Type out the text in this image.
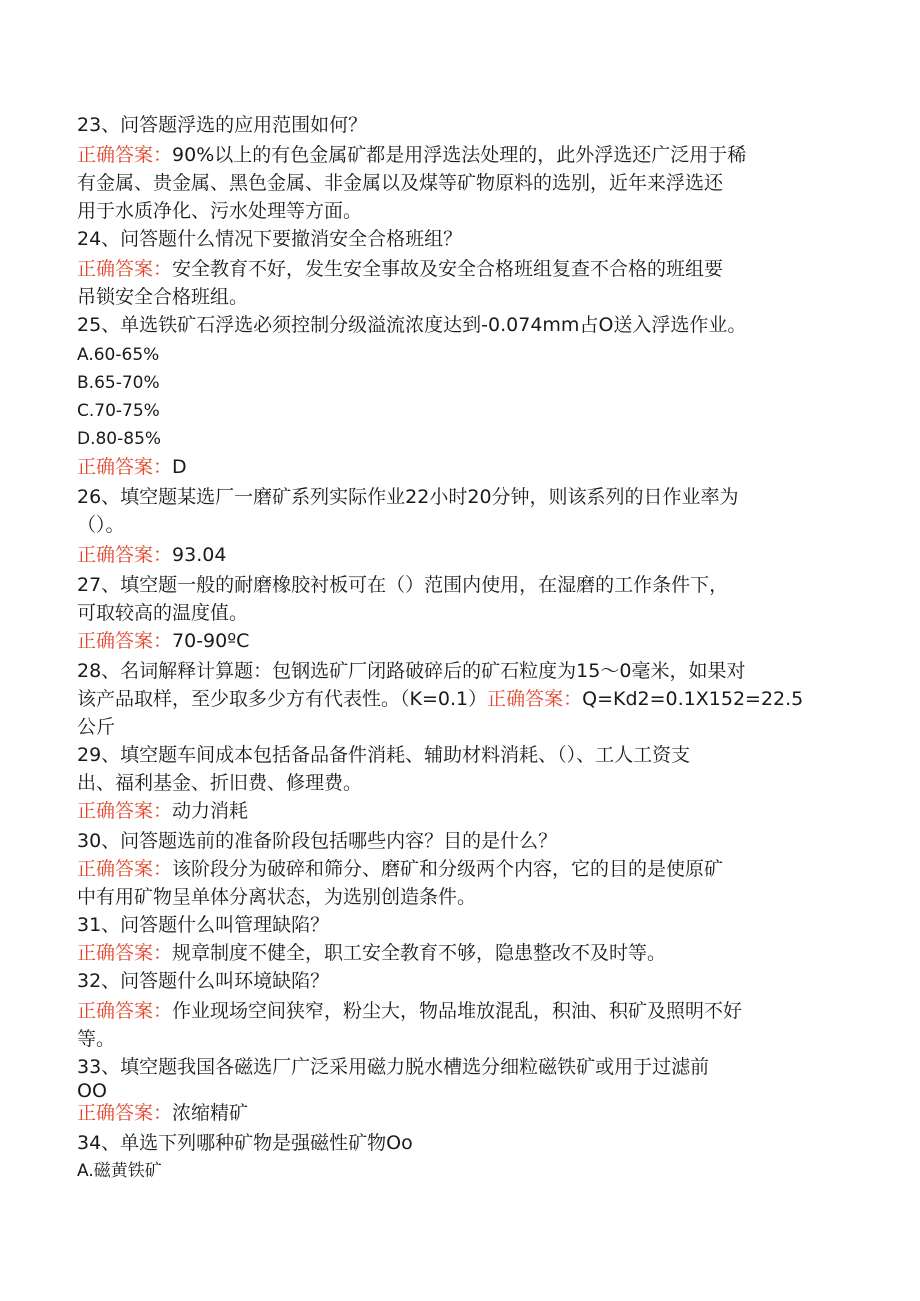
23、问答题浮选的应用范围如何？
正确答案：90%以上的有色金属矿都是用浮选法处理的，此外浮选还广泛用于稀
有金属、贵金属、黑色金属、非金属以及煤等矿物原料的选别，近年来浮选还
用于水质净化、污水处理等方面。
24、问答题什么情况下要撤消安全合格班组？
正确答案：安全教育不好，发生安全事故及安全合格班组复查不合格的班组要
吊锁安全合格班组。
25、单选铁矿石浮选必须控制分级溢流浓度达到-0.074mm占O送入浮选作业。
A.60-65%
B.65-70%
C.70-75%
D.80-85%
正确答案：D
26、填空题某选厂一磨矿系列实际作业22小时20分钟，则该系列的日作业率为
（）。
正确答案：93.04
27、填空题一般的耐磨橡胶衬板可在（）范围内使用，在湿磨的工作条件下，
可取较高的温度值。
正确答案：70-90ºC
28、名词解释计算题：包钢选矿厂闭路破碎后的矿石粒度为15〜0毫米，如果对
该产品取样，至少取多少方有代表性。（K=0.1）正确答案：Q=Kd2=0.1X152=22.5
公斤
29、填空题车间成本包括备品备件消耗、辅助材料消耗、（）、工人工资支
出、福利基金、折旧费、修理费。
正确答案：动力消耗
30、问答题选前的准备阶段包括哪些内容？目的是什么？
正确答案：该阶段分为破碎和筛分、磨矿和分级两个内容，它的目的是使原矿
中有用矿物呈单体分离状态，为选别创造条件。
31、问答题什么叫管理缺陷？
正确答案：规章制度不健全，职工安全教育不够，隐患整改不及时等。
32、问答题什么叫环境缺陷？
正确答案：作业现场空间狭窄，粉尘大，物品堆放混乱，积油、积矿及照明不好
等。
33、填空题我国各磁选厂广泛采用磁力脱水槽选分细粒磁铁矿或用于过滤前
OO
正确答案：浓缩精矿
34、单选下列哪种矿物是强磁性矿物Oo
A.磁黄铁矿
